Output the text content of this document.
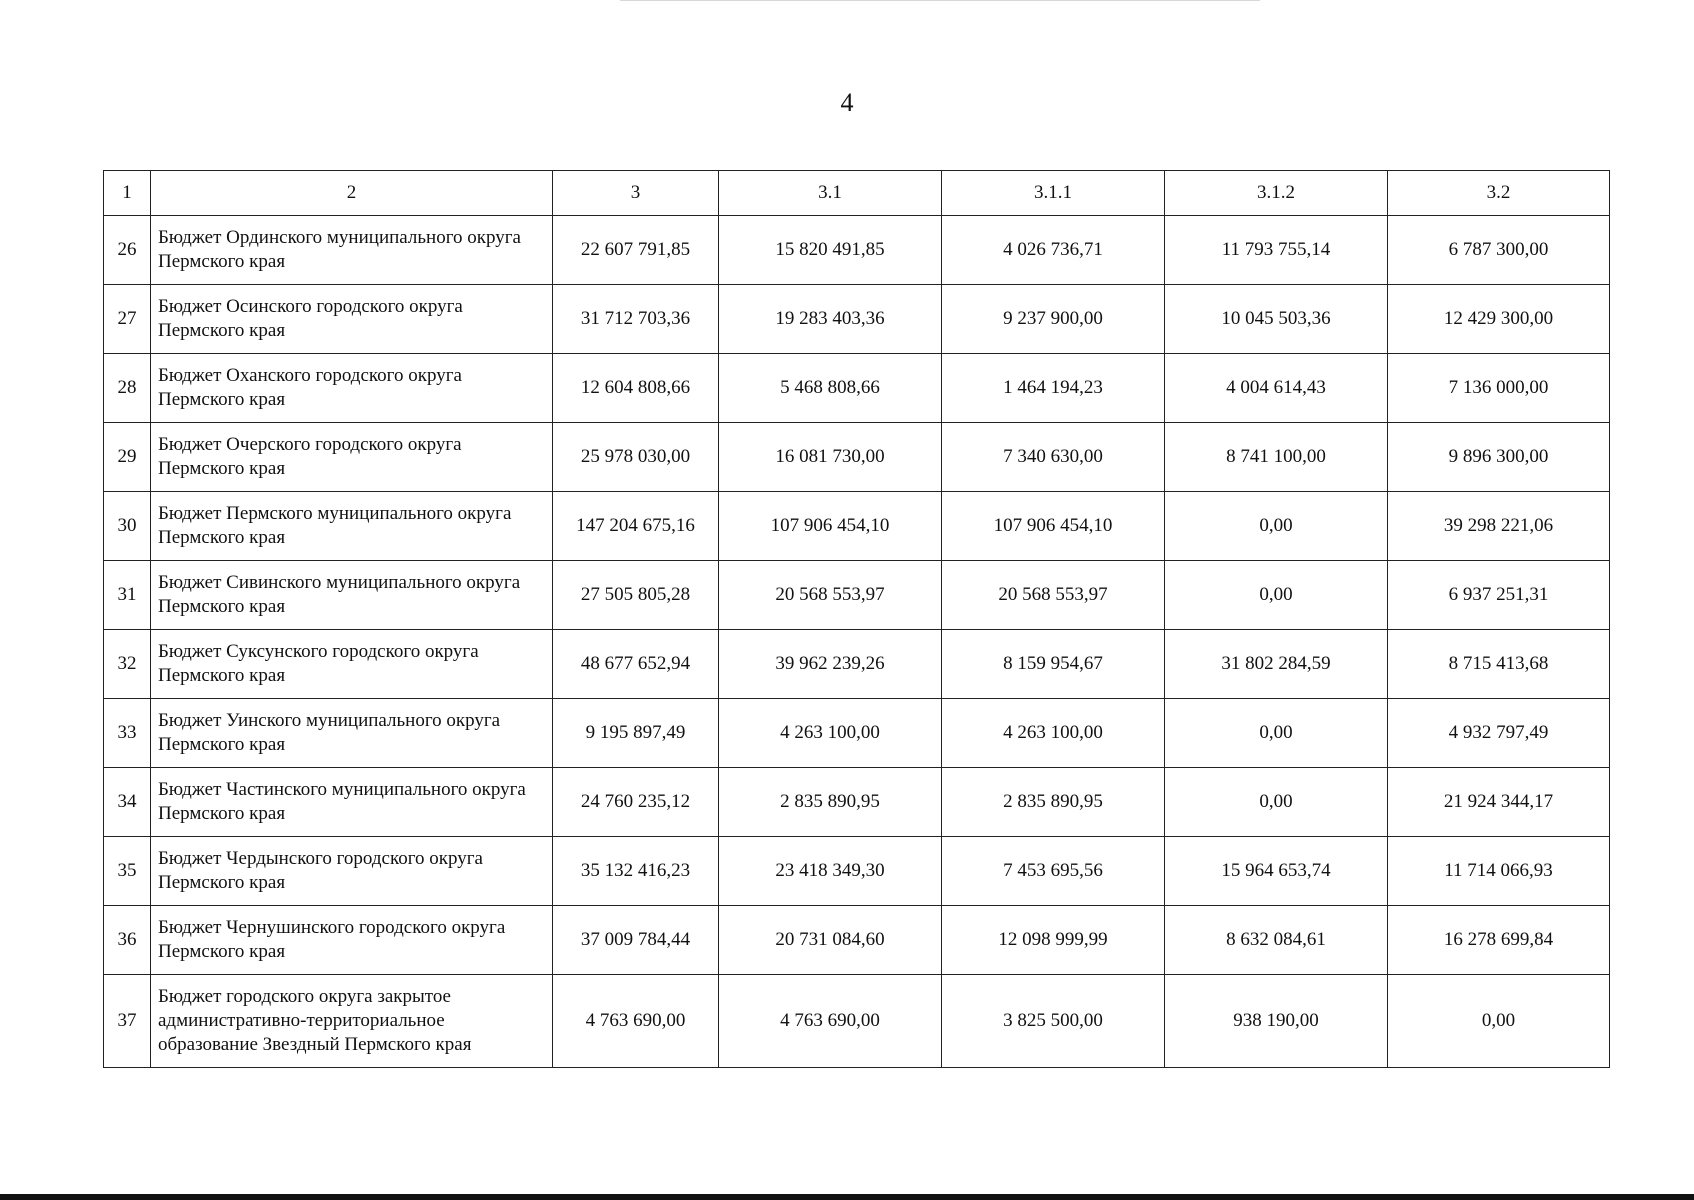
4
1	2	3	3.1	3.1.1	3.1.2	3.2
26	Бюджет Ординского муниципального округа Пермского края	22 607 791,85	15 820 491,85	4 026 736,71	11 793 755,14	6 787 300,00
27	Бюджет Осинского городского округа Пермского края	31 712 703,36	19 283 403,36	9 237 900,00	10 045 503,36	12 429 300,00
28	Бюджет Оханского городского округа Пермского края	12 604 808,66	5 468 808,66	1 464 194,23	4 004 614,43	7 136 000,00
29	Бюджет Очерского городского округа Пермского края	25 978 030,00	16 081 730,00	7 340 630,00	8 741 100,00	9 896 300,00
30	Бюджет Пермского муниципального округа Пермского края	147 204 675,16	107 906 454,10	107 906 454,10	0,00	39 298 221,06
31	Бюджет Сивинского муниципального округа Пермского края	27 505 805,28	20 568 553,97	20 568 553,97	0,00	6 937 251,31
32	Бюджет Суксунского городского округа Пермского края	48 677 652,94	39 962 239,26	8 159 954,67	31 802 284,59	8 715 413,68
33	Бюджет Уинского муниципального округа Пермского края	9 195 897,49	4 263 100,00	4 263 100,00	0,00	4 932 797,49
34	Бюджет Частинского муниципального округа Пермского края	24 760 235,12	2 835 890,95	2 835 890,95	0,00	21 924 344,17
35	Бюджет Чердынского городского округа Пермского края	35 132 416,23	23 418 349,30	7 453 695,56	15 964 653,74	11 714 066,93
36	Бюджет Чернушинского городского округа Пермского края	37 009 784,44	20 731 084,60	12 098 999,99	8 632 084,61	16 278 699,84
37	Бюджет городского округа закрытое административно-территориальное образование Звездный Пермского края	4 763 690,00	4 763 690,00	3 825 500,00	938 190,00	0,00
